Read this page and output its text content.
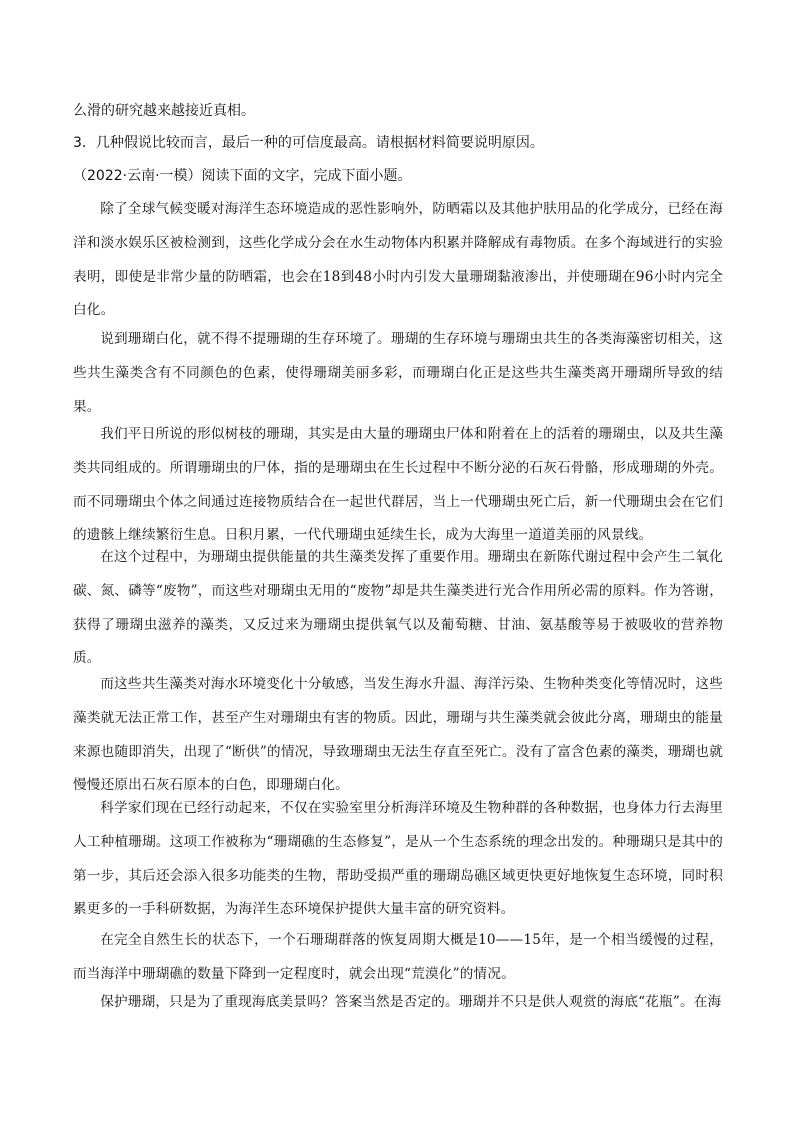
么滑的研究越来越接近真相。
3．几种假说比较而言，最后一种的可信度最高。请根据材料简要说明原因。
（2022·云南·一模）阅读下面的文字，完成下面小题。

除了全球气候变暖对海洋生态环境造成的恶性影响外，防晒霜以及其他护肤用品的化学成分，已经在海洋和淡水娱乐区被检测到，这些化学成分会在水生动物体内积累并降解成有毒物质。在多个海域进行的实验表明，即使是非常少量的防晒霜，也会在18到48小时内引发大量珊瑚黏液渗出，并使珊瑚在96小时内完全白化。

说到珊瑚白化，就不得不提珊瑚的生存环境了。珊瑚的生存环境与珊瑚虫共生的各类海藻密切相关，这些共生藻类含有不同颜色的色素，使得珊瑚美丽多彩，而珊瑚白化正是这些共生藻类离开珊瑚所导致的结果。

我们平日所说的形似树枝的珊瑚，其实是由大量的珊瑚虫尸体和附着在上的活着的珊瑚虫，以及共生藻类共同组成的。所谓珊瑚虫的尸体，指的是珊瑚虫在生长过程中不断分泌的石灰石骨骼，形成珊瑚的外壳。而不同珊瑚虫个体之间通过连接物质结合在一起世代群居，当上一代珊瑚虫死亡后，新一代珊瑚虫会在它们的遗骸上继续繁衍生息。日积月累，一代代珊瑚虫延续生长，成为大海里一道道美丽的风景线。

在这个过程中，为珊瑚虫提供能量的共生藻类发挥了重要作用。珊瑚虫在新陈代谢过程中会产生二氧化碳、氮、磷等“废物”，而这些对珊瑚虫无用的“废物”却是共生藻类进行光合作用所必需的原料。作为答谢，获得了珊瑚虫滋养的藻类，又反过来为珊瑚虫提供氧气以及葡萄糖、甘油、氨基酸等易于被吸收的营养物质。

而这些共生藻类对海水环境变化十分敏感，当发生海水升温、海洋污染、生物种类变化等情况时，这些藻类就无法正常工作，甚至产生对珊瑚虫有害的物质。因此，珊瑚与共生藻类就会彼此分离，珊瑚虫的能量来源也随即消失，出现了“断供”的情况，导致珊瑚虫无法生存直至死亡。没有了富含色素的藻类，珊瑚也就慢慢还原出石灰石原本的白色，即珊瑚白化。

科学家们现在已经行动起来，不仅在实验室里分析海洋环境及生物种群的各种数据，也身体力行去海里人工种植珊瑚。这项工作被称为“珊瑚礁的生态修复”，是从一个生态系统的理念出发的。种珊瑚只是其中的第一步，其后还会添入很多功能类的生物，帮助受损严重的珊瑚岛礁区域更快更好地恢复生态环境，同时积累更多的一手科研数据，为海洋生态环境保护提供大量丰富的研究资料。

在完全自然生长的状态下，一个石珊瑚群落的恢复周期大概是10——15年，是一个相当缓慢的过程，而当海洋中珊瑚礁的数量下降到一定程度时，就会出现“荒漠化”的情况。

保护珊瑚，只是为了重现海底美景吗？答案当然是否定的。珊瑚并不只是供人观赏的海底“花瓶”。在海
